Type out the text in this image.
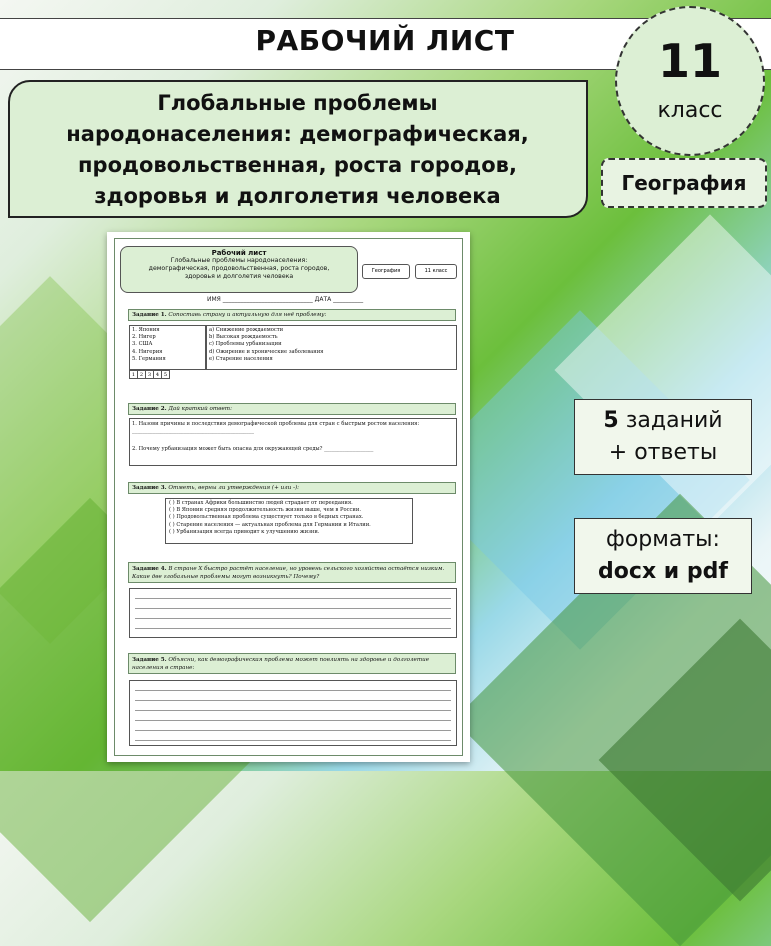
РАБОЧИЙ ЛИСТ
Глобальные проблемы
народонаселения: демографическая,
продовольственная, роста городов,
здоровья и долголетия человека
11
класс
География
Рабочий лист
Глобальные проблемы народонаселения:
демографическая, продовольственная, роста городов,
здоровья и долголетия человека
География	11 класс
ИМЯ ______________________________ ДАТА __________
Задание 1. Сопоставь страну и актуальную для неё проблему:
1. Япония
2. Нигер
3. США
4. Нигерия
5. Германия
a) Снижение рождаемости
b) Высокая рождаемость
c) Проблемы урбанизации
d) Ожирение и хронические заболевания
e) Старение населения
1 2 3 4 5
Задание 2. Дай краткий ответ:
1. Назови причины и последствия демографической проблемы для стран с быстрым ростом населения: _______________________________________________
2. Почему урбанизация может быть опасна для окружающей среды? ___________________
Задание 3. Отметь, верны ли утверждения (+ или -):
( ) В странах Африки большинство людей страдает от переедания.
( ) В Японии средняя продолжительность жизни выше, чем в России.
( ) Продовольственная проблема существует только в бедных странах.
( ) Старение населения — актуальная проблема для Германии и Италии.
( ) Урбанизация всегда приводит к улучшению жизни.
Задание 4. В стране X быстро растёт население, но уровень сельского хозяйства остаётся низким. Какие две глобальные проблемы могут возникнуть? Почему?
Задание 5. Объясни, как демографическая проблема может повлиять на здоровье и долголетие населения в стране:
5 заданий
+ ответы
форматы:
docx и pdf
